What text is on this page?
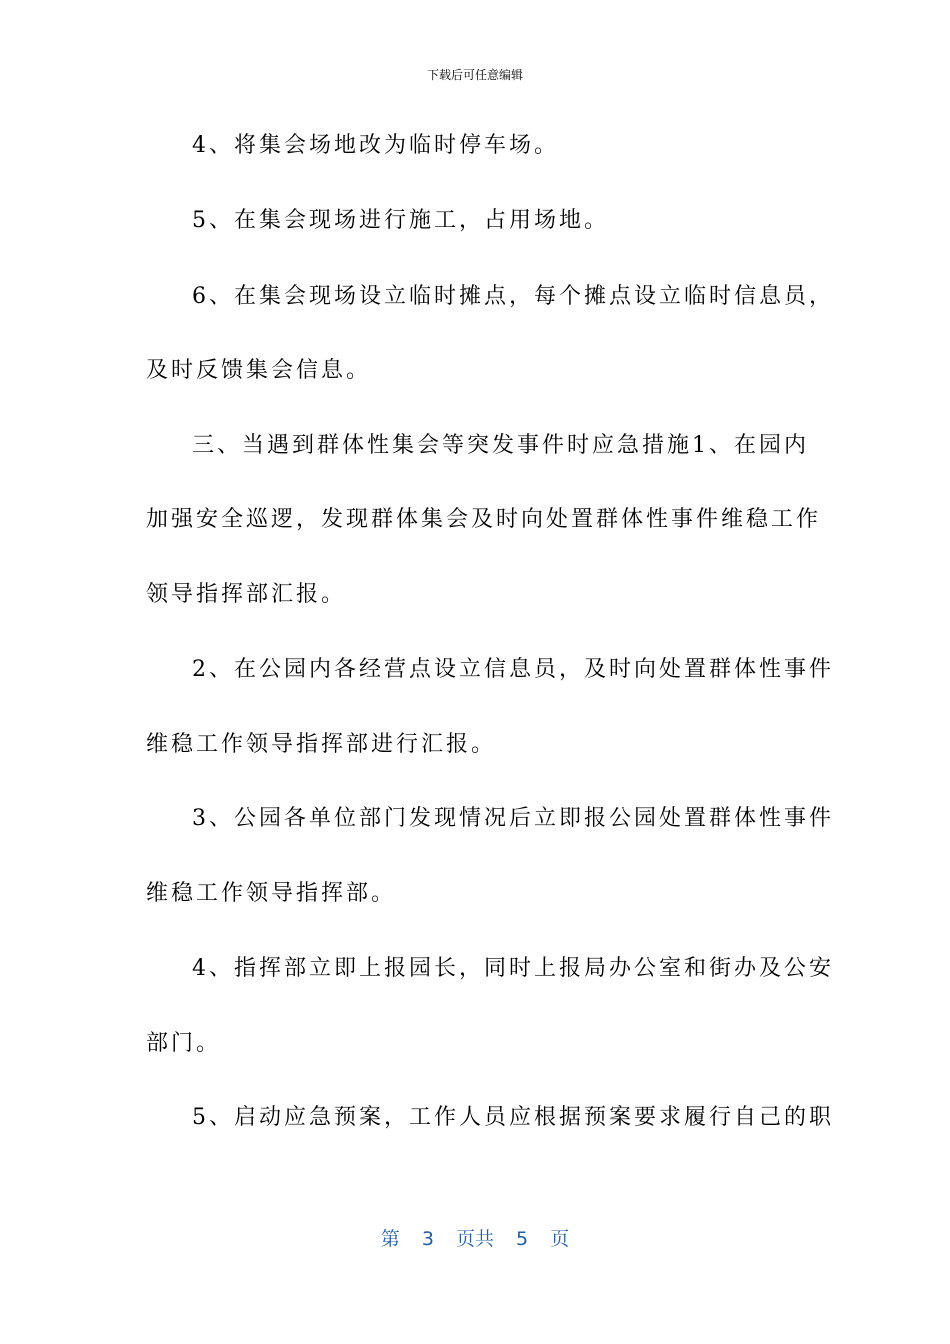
下载后可任意编辑
4、将集会场地改为临时停车场。
5、在集会现场进行施工，占用场地。
6、在集会现场设立临时摊点，每个摊点设立临时信息员，
及时反馈集会信息。
三、当遇到群体性集会等突发事件时应急措施1、在园内
加强安全巡逻，发现群体集会及时向处置群体性事件维稳工作
领导指挥部汇报。
2、在公园内各经营点设立信息员，及时向处置群体性事件
维稳工作领导指挥部进行汇报。
3、公园各单位部门发现情况后立即报公园处置群体性事件
维稳工作领导指挥部。
4、指挥部立即上报园长，同时上报局办公室和街办及公安
部门。
5、启动应急预案，工作人员应根据预案要求履行自己的职
第 3 页共 5 页
